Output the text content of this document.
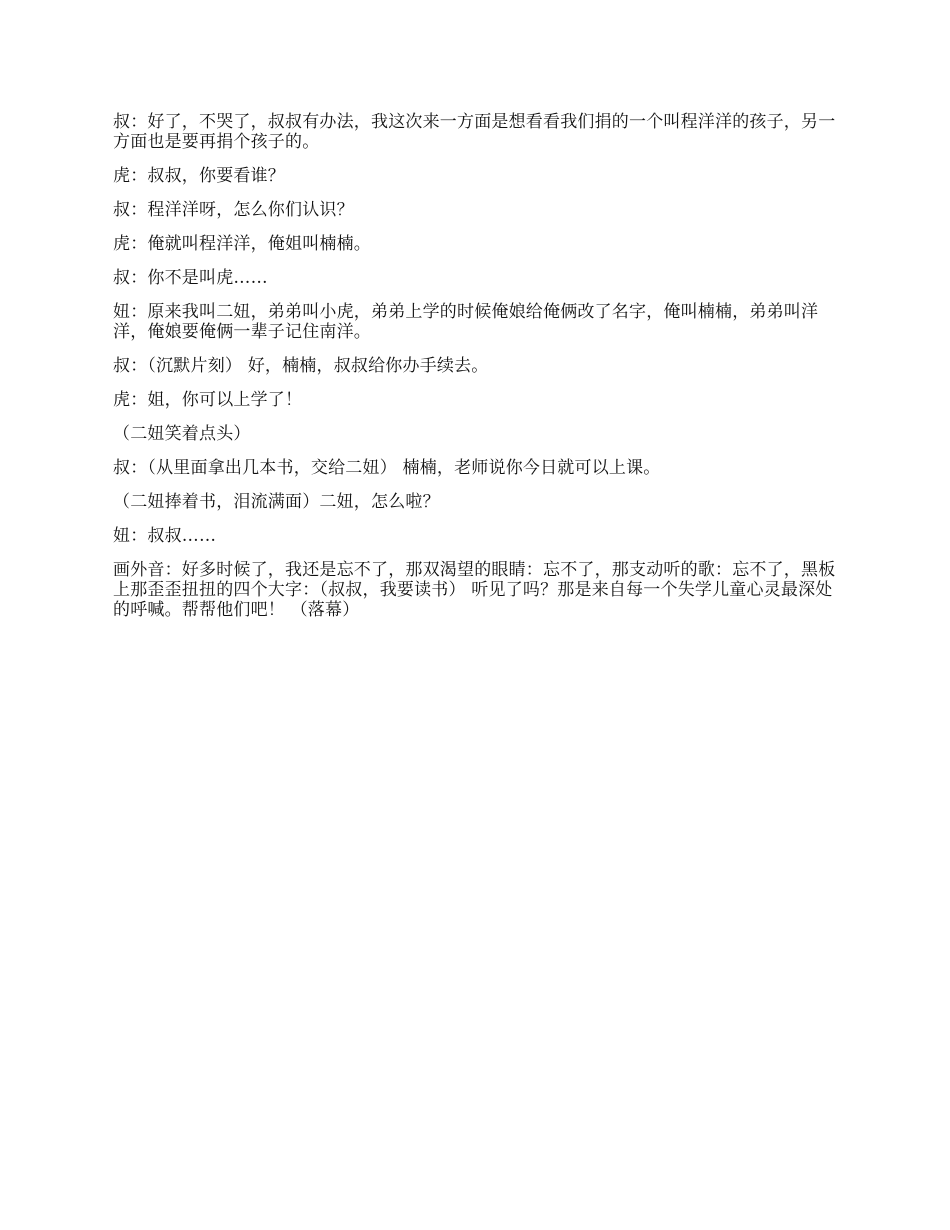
叔：好了，不哭了，叔叔有办法，我这次来一方面是想看看我们捐的一个叫程洋洋的孩子，另一方面也是要再捐个孩子的。

虎：叔叔，你要看谁？

叔：程洋洋呀，怎么你们认识？

虎：俺就叫程洋洋，俺姐叫楠楠。

叔：你不是叫虎……

妞：原来我叫二妞，弟弟叫小虎，弟弟上学的时候俺娘给俺俩改了名字，俺叫楠楠，弟弟叫洋洋，俺娘要俺俩一辈子记住南洋。

叔：（沉默片刻） 好，楠楠，叔叔给你办手续去。

虎：姐，你可以上学了！

（二妞笑着点头）

叔：（从里面拿出几本书，交给二妞） 楠楠，老师说你今日就可以上课。

（二妞捧着书，泪流满面）二妞，怎么啦？

妞：叔叔……

画外音：好多时候了，我还是忘不了，那双渴望的眼睛：忘不了，那支动听的歌：忘不了，黑板上那歪歪扭扭的四个大字：（叔叔，我要读书） 听见了吗？那是来自每一个失学儿童心灵最深处的呼喊。帮帮他们吧！ （落幕）
